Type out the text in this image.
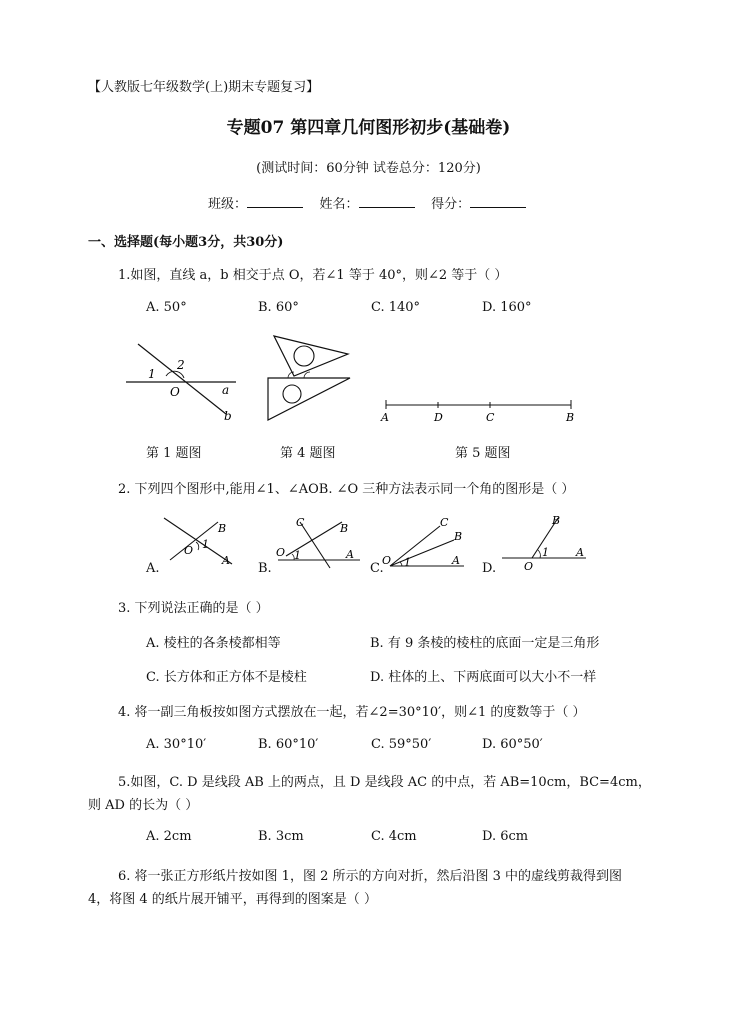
【人教版七年级数学(上)期末专题复习】
专题07 第四章几何图形初步(基础卷)
(测试时间：60分钟 试卷总分：120分)
班级：	姓名：	得分：
一、选择题(每小题3分，共30分)
1.如图，直线 a，b 相交于点 O，若∠1 等于 40°，则∠2 等于（ ）
A. 50°	B. 60°	C. 140°	D. 160°
1
2
O	a
b	A	D	C	B
第 1 题图	第 4 题图	第 5 题图
2. 下列四个图形中,能用∠1、∠AOB. ∠O 三种方法表示同一个角的图形是（ ）
A.
O 1
B
A
B.
O 1
C	B
A
C.
O 1
C
B
A
D.	O
1
B
A
3. 下列说法正确的是（ ）
A. 棱柱的各条棱都相等	B. 有 9 条棱的棱柱的底面一定是三角形
C. 长方体和正方体不是棱柱	D. 柱体的上、下两底面可以大小不一样
4. 将一副三角板按如图方式摆放在一起，若∠2=30°10′，则∠1 的度数等于（ ）
A. 30°10′	B. 60°10′	C. 59°50′	D. 60°50′
5.如图，C. D 是线段 AB 上的两点，且 D 是线段 AC 的中点，若 AB=10cm，BC=4cm，
则 AD 的长为（ ）
A. 2cm	B. 3cm	C. 4cm	D. 6cm
6. 将一张正方形纸片按如图 1，图 2 所示的方向对折，然后沿图 3 中的虚线剪裁得到图
4，将图 4 的纸片展开铺平，再得到的图案是（ ）
